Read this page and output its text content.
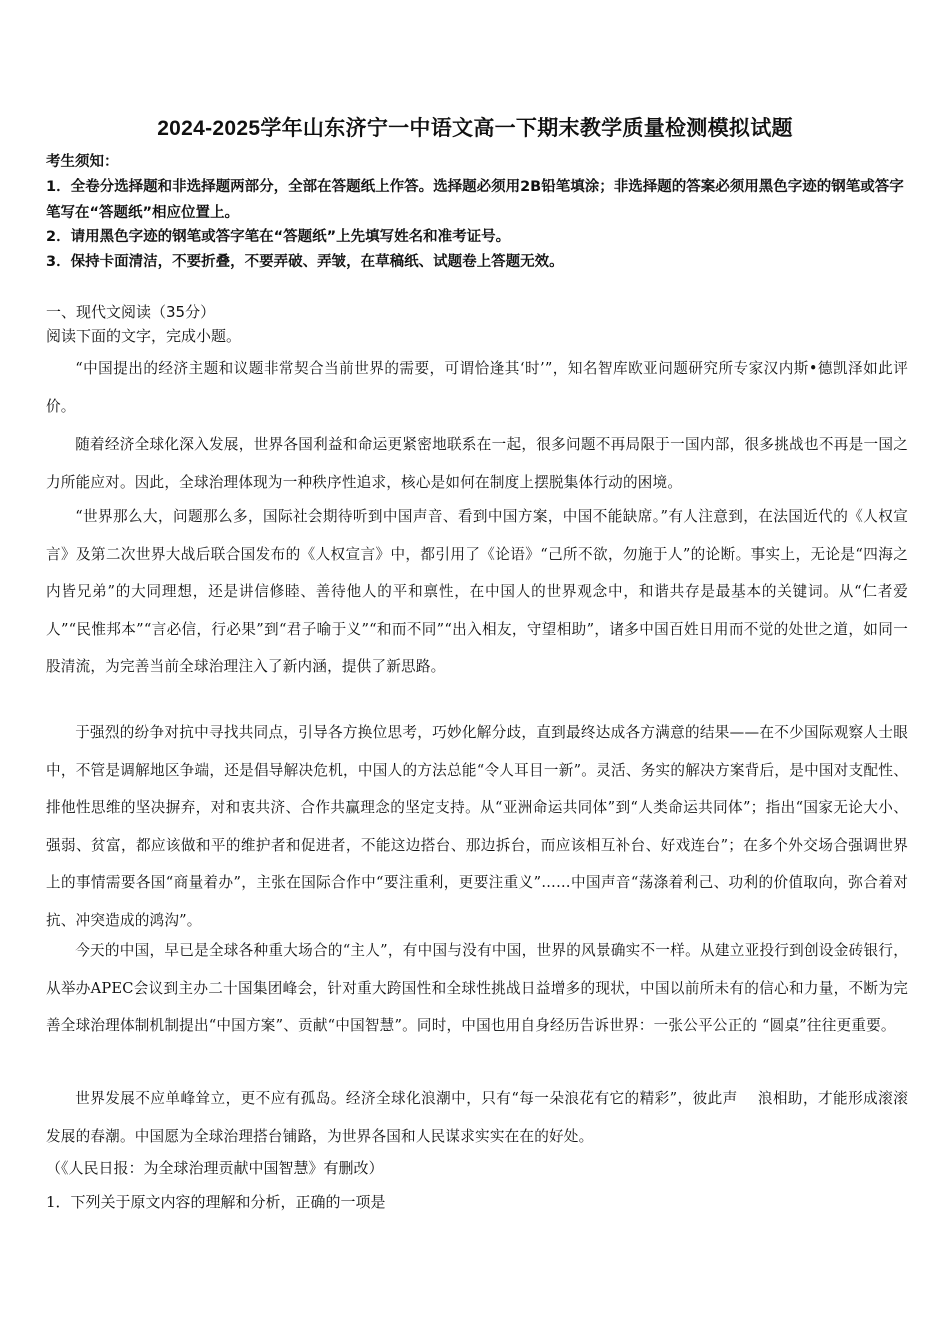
2024-2025学年山东济宁一中语文高一下期末教学质量检测模拟试题
考生须知：
1．全卷分选择题和非选择题两部分，全部在答题纸上作答。选择题必须用2B铅笔填涂；非选择题的答案必须用黑色字迹的钢笔或答字笔写在“答题纸”相应位置上。
2．请用黑色字迹的钢笔或答字笔在“答题纸”上先填写姓名和准考证号。
3．保持卡面清洁，不要折叠，不要弄破、弄皱，在草稿纸、试题卷上答题无效。
一、现代文阅读（35分）
阅读下面的文字，完成小题。
“中国提出的经济主题和议题非常契合当前世界的需要，可谓恰逢其‘时’”，知名智库欧亚问题研究所专家汉内斯•德凯泽如此评价。
随着经济全球化深入发展，世界各国利益和命运更紧密地联系在一起，很多问题不再局限于一国内部，很多挑战也不再是一国之力所能应对。因此，全球治理体现为一种秩序性追求，核心是如何在制度上摆脱集体行动的困境。
“世界那么大，问题那么多，国际社会期待听到中国声音、看到中国方案，中国不能缺席。”有人注意到，在法国近代的《人权宣言》及第二次世界大战后联合国发布的《人权宣言》中，都引用了《论语》“己所不欲，勿施于人”的论断。事实上，无论是“四海之内皆兄弟”的大同理想，还是讲信修睦、善待他人的平和禀性，在中国人的世界观念中，和谐共存是最基本的关键词。从“仁者爱人”“民惟邦本”“言必信，行必果”到“君子喻于义”“和而不同”“出入相友，守望相助”，诸多中国百姓日用而不觉的处世之道，如同一股清流，为完善当前全球治理注入了新内涵，提供了新思路。
于强烈的纷争对抗中寻找共同点，引导各方换位思考，巧妙化解分歧，直到最终达成各方满意的结果——在不少国际观察人士眼中，不管是调解地区争端，还是倡导解决危机，中国人的方法总能“令人耳目一新”。灵活、务实的解决方案背后，是中国对支配性、排他性思维的坚决摒弃，对和衷共济、合作共赢理念的坚定支持。从“亚洲命运共同体”到“人类命运共同体”；指出“国家无论大小、强弱、贫富，都应该做和平的维护者和促进者，不能这边搭台、那边拆台，而应该相互补台、好戏连台”；在多个外交场合强调世界上的事情需要各国“商量着办”，主张在国际合作中“要注重利，更要注重义”……中国声音“荡涤着利己、功利的价值取向，弥合着对抗、冲突造成的鸿沟”。
今天的中国，早已是全球各种重大场合的“主人”，有中国与没有中国，世界的风景确实不一样。从建立亚投行到创设金砖银行，从举办APEC会议到主办二十国集团峰会，针对重大跨国性和全球性挑战日益增多的现状，中国以前所未有的信心和力量，不断为完善全球治理体制机制提出“中国方案”、贡献“中国智慧”。同时，中国也用自身经历告诉世界：一张公平公正的 “圆桌”往往更重要。
世界发展不应单峰耸立，更不应有孤岛。经济全球化浪潮中，只有“每一朵浪花有它的精彩”，彼此声　 浪相助，才能形成滚滚发展的春潮。中国愿为全球治理搭台铺路，为世界各国和人民谋求实实在在的好处。
（《人民日报：为全球治理贡献中国智慧》有删改）
1．下列关于原文内容的理解和分析，正确的一项是
